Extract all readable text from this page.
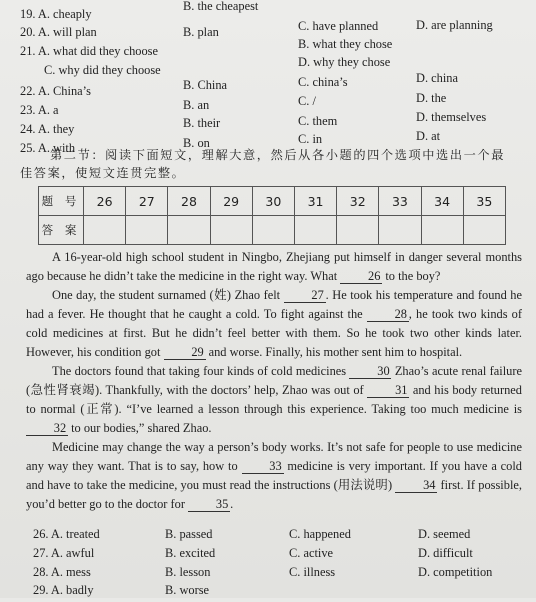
19. A. cheaply
B. the cheapest
20. A. will plan	B. plan	C. have planned	D. are planning
21. A. what did they choose	B. what they chose
C. why did they choose
D. why they chose
22. A. China’s	B. China	C. china’s	D. china
23. A. a	B. an	C. /	D. the
24. A. they	B. their	C. them	D. themselves
25. A. with	B. on	C. in	D. at
第二节：阅读下面短文，理解大意，然后从各小题的四个选项中选出一个最
佳答案，使短文连贯完整。
题 号	26	27	28	29	30	31	32	33	34	35
答 案										

A 16-year-old high school student in Ningbo, Zhejiang put himself in danger several months ago because he didn’t take the medicine in the right way. What 26 to the boy?

One day, the student surnamed (姓) Zhao felt 27 . He took his temperature and found he had a fever. He thought that he caught a cold. To fight against the 28 , he took two kinds of cold medicines at first. But he didn’t feel better with them. So he took two other kinds later. However, his condition got 29 and worse. Finally, his mother sent him to hospital.

The doctors found that taking four kinds of cold medicines 30 Zhao’s acute renal failure (急性肾衰竭). Thankfully, with the doctors’ help, Zhao was out of 31 and his body returned to normal (正常). “I’ve learned a lesson through this experience. Taking too much medicine is 32 to our bodies,” shared Zhao.

Medicine may change the way a person’s body works. It’s not safe for people to use medicine any way they want. That is to say, how to 33 medicine is very important. If you have a cold and have to take the medicine, you must read the instructions (用法说明) 34 first. If possible, you’d better go to the doctor for 35 .

26. A. treated	B. passed	C. happened	D. seemed
27. A. awful	B. excited	C. active	D. difficult
28. A. mess	B. lesson	C. illness	D. competition
29. A. badly	B. worse
